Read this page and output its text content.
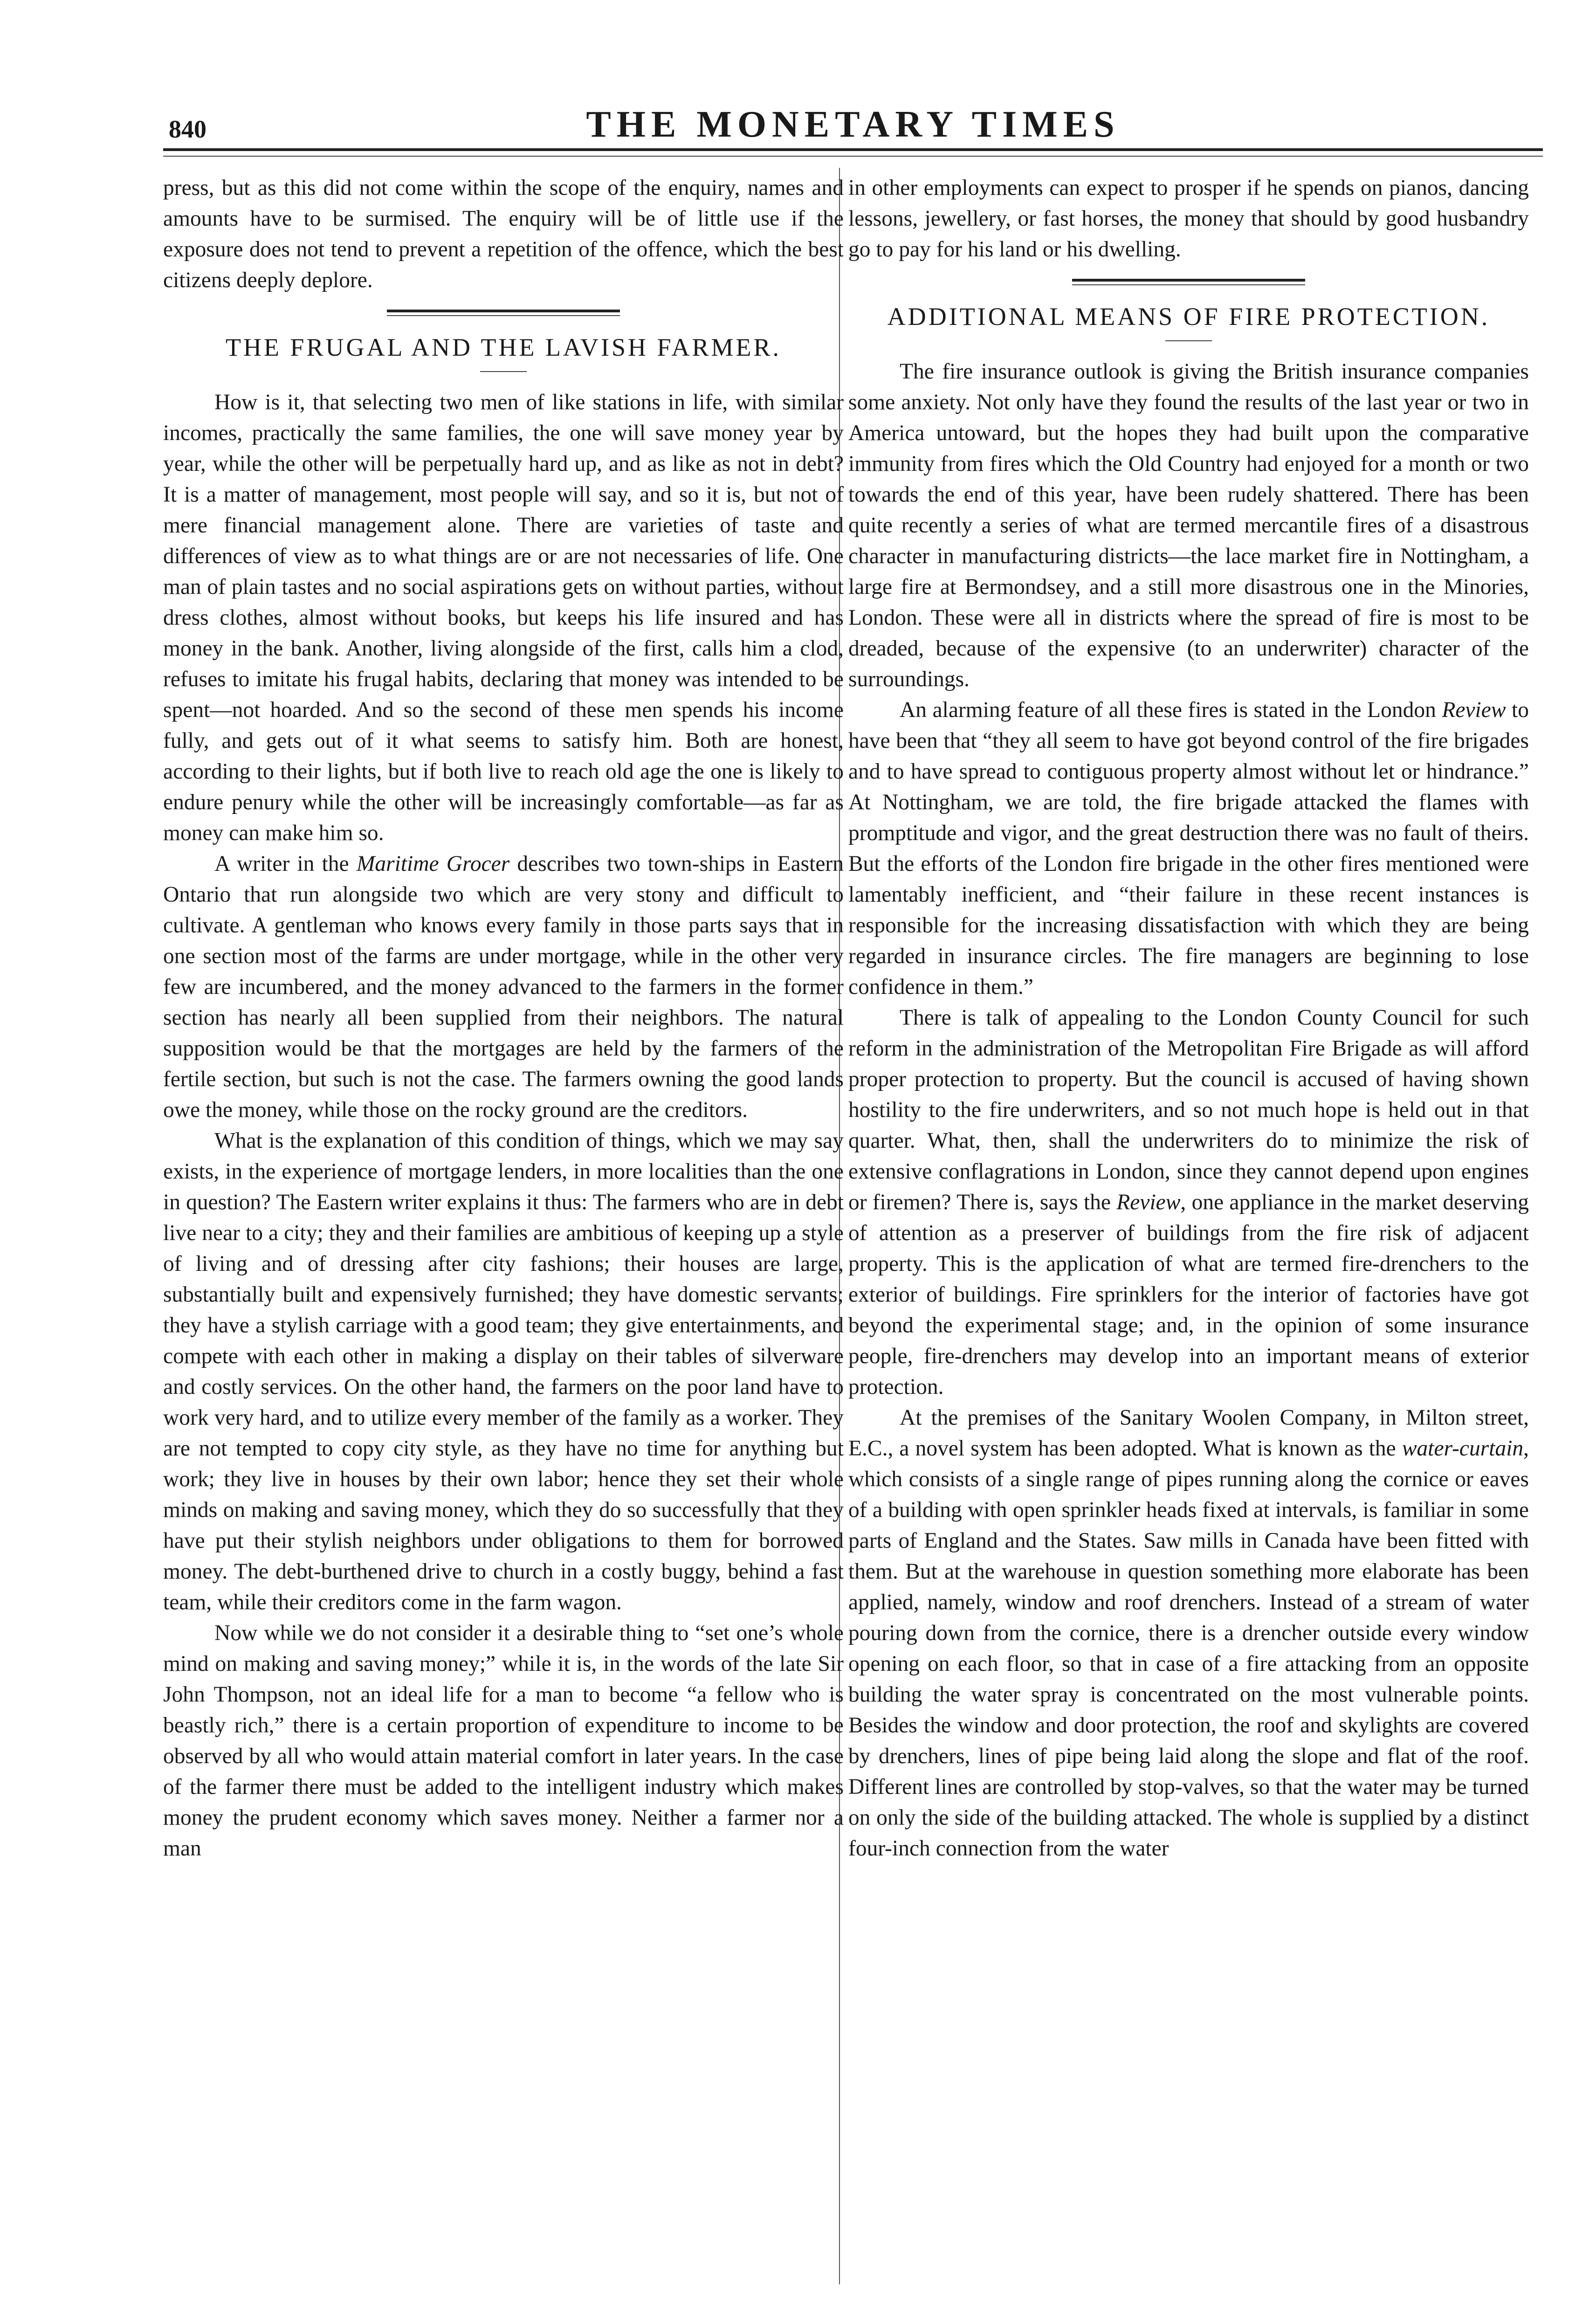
840	THE MONETARY TIMES

press, but as this did not come within the scope of the enquiry, names and amounts have to be surmised. The enquiry will be of little use if the exposure does not tend to prevent a repetition of the offence, which the best citizens deeply deplore.

THE FRUGAL AND THE LAVISH FARMER.

How is it, that selecting two men of like stations in life, with similar incomes, practically the same families, the one will save money year by year, while the other will be perpetually hard up, and as like as not in debt? It is a matter of management, most people will say, and so it is, but not of mere financial management alone. There are varieties of taste and differences of view as to what things are or are not necessaries of life. One man of plain tastes and no social aspirations gets on without parties, without dress clothes, almost without books, but keeps his life insured and has money in the bank. Another, living alongside of the first, calls him a clod, refuses to imitate his frugal habits, declaring that money was intended to be spent—not hoarded. And so the second of these men spends his income fully, and gets out of it what seems to satisfy him. Both are honest, according to their lights, but if both live to reach old age the one is likely to endure penury while the other will be increasingly comfortable—as far as money can make him so.

A writer in the Maritime Grocer describes two town-ships in Eastern Ontario that run alongside two which are very stony and difficult to cultivate. A gentleman who knows every family in those parts says that in one section most of the farms are under mortgage, while in the other very few are incumbered, and the money advanced to the farmers in the former section has nearly all been supplied from their neighbors. The natural supposition would be that the mortgages are held by the farmers of the fertile section, but such is not the case. The farmers owning the good lands owe the money, while those on the rocky ground are the creditors.

What is the explanation of this condition of things, which we may say exists, in the experience of mortgage lenders, in more localities than the one in question? The Eastern writer explains it thus: The farmers who are in debt live near to a city; they and their families are ambitious of keeping up a style of living and of dressing after city fashions; their houses are large, substantially built and expensively furnished; they have domestic servants; they have a stylish carriage with a good team; they give entertainments, and compete with each other in making a display on their tables of silverware and costly services. On the other hand, the farmers on the poor land have to work very hard, and to utilize every member of the family as a worker. They are not tempted to copy city style, as they have no time for anything but work; they live in houses by their own labor; hence they set their whole minds on making and saving money, which they do so successfully that they have put their stylish neighbors under obligations to them for borrowed money. The debt-burthened drive to church in a costly buggy, behind a fast team, while their creditors come in the farm wagon.

Now while we do not consider it a desirable thing to “set one’s whole mind on making and saving money;” while it is, in the words of the late Sir John Thompson, not an ideal life for a man to become “a fellow who is beastly rich,” there is a certain proportion of expenditure to income to be observed by all who would attain material comfort in later years. In the case of the farmer there must be added to the intelligent industry which makes money the prudent economy which saves money. Neither a farmer nor a man

in other employments can expect to prosper if he spends on pianos, dancing lessons, jewellery, or fast horses, the money that should by good husbandry go to pay for his land or his dwelling.

ADDITIONAL MEANS OF FIRE PROTECTION.

The fire insurance outlook is giving the British insurance companies some anxiety. Not only have they found the results of the last year or two in America untoward, but the hopes they had built upon the comparative immunity from fires which the Old Country had enjoyed for a month or two towards the end of this year, have been rudely shattered. There has been quite recently a series of what are termed mercantile fires of a disastrous character in manufacturing districts—the lace market fire in Nottingham, a large fire at Bermondsey, and a still more disastrous one in the Minories, London. These were all in districts where the spread of fire is most to be dreaded, because of the expensive (to an underwriter) character of the surroundings.

An alarming feature of all these fires is stated in the London Review to have been that “they all seem to have got beyond control of the fire brigades and to have spread to contiguous property almost without let or hindrance.” At Nottingham, we are told, the fire brigade attacked the flames with promptitude and vigor, and the great destruction there was no fault of theirs. But the efforts of the London fire brigade in the other fires mentioned were lamentably inefficient, and “their failure in these recent instances is responsible for the increasing dissatisfaction with which they are being regarded in insurance circles. The fire managers are beginning to lose confidence in them.”

There is talk of appealing to the London County Council for such reform in the administration of the Metropolitan Fire Brigade as will afford proper protection to property. But the council is accused of having shown hostility to the fire underwriters, and so not much hope is held out in that quarter. What, then, shall the underwriters do to minimize the risk of extensive conflagrations in London, since they cannot depend upon engines or firemen? There is, says the Review, one appliance in the market deserving of attention as a preserver of buildings from the fire risk of adjacent property. This is the application of what are termed fire-drenchers to the exterior of buildings. Fire sprinklers for the interior of factories have got beyond the experimental stage; and, in the opinion of some insurance people, fire-drenchers may develop into an important means of exterior protection.

At the premises of the Sanitary Woolen Company, in Milton street, E.C., a novel system has been adopted. What is known as the water-curtain, which consists of a single range of pipes running along the cornice or eaves of a building with open sprinkler heads fixed at intervals, is familiar in some parts of England and the States. Saw mills in Canada have been fitted with them. But at the warehouse in question something more elaborate has been applied, namely, window and roof drenchers. Instead of a stream of water pouring down from the cornice, there is a drencher outside every window opening on each floor, so that in case of a fire attacking from an opposite building the water spray is concentrated on the most vulnerable points. Besides the window and door protection, the roof and skylights are covered by drenchers, lines of pipe being laid along the slope and flat of the roof. Different lines are controlled by stop-valves, so that the water may be turned on only the side of the building attacked. The whole is supplied by a distinct four-inch connection from the water
